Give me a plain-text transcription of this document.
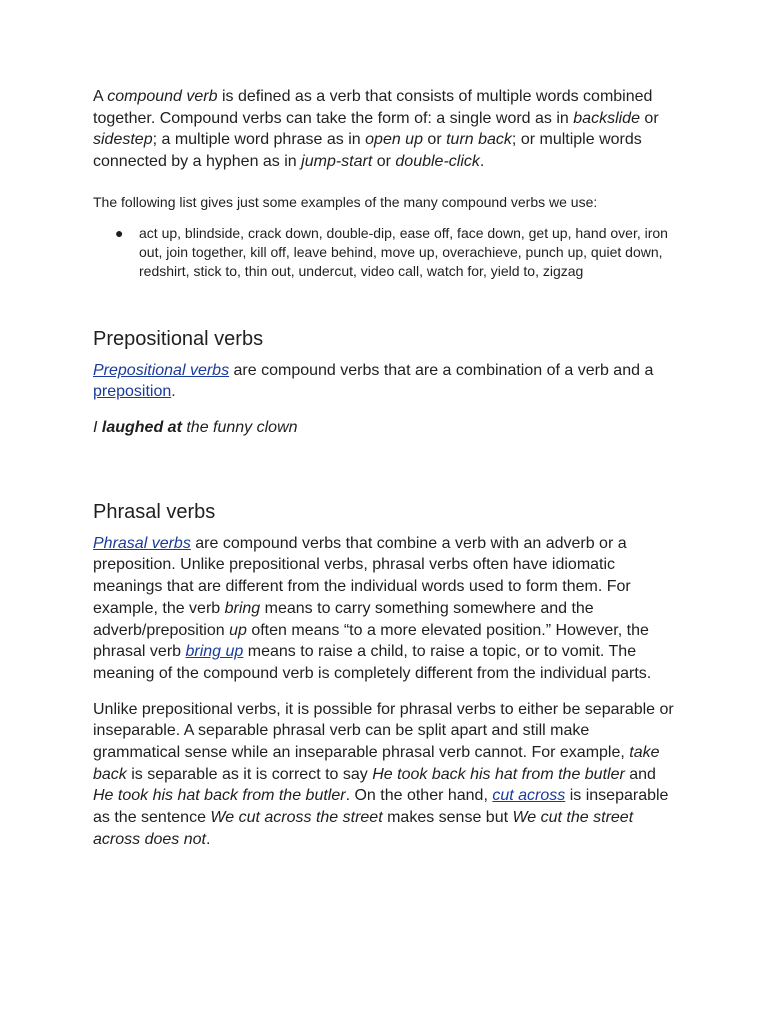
A compound verb is defined as a verb that consists of multiple words combined together. Compound verbs can take the form of: a single word as in backslide or sidestep; a multiple word phrase as in open up or turn back; or multiple words connected by a hyphen as in jump-start or double-click.

The following list gives just some examples of the many compound verbs we use:

● act up, blindside, crack down, double-dip, ease off, face down, get up, hand over, iron out, join together, kill off, leave behind, move up, overachieve, punch up, quiet down, redshirt, stick to, thin out, undercut, video call, watch for, yield to, zigzag
Prepositional verbs

Prepositional verbs are compound verbs that are a combination of a verb and a preposition.

I laughed at the funny clown

Phrasal verbs

Phrasal verbs are compound verbs that combine a verb with an adverb or a preposition. Unlike prepositional verbs, phrasal verbs often have idiomatic meanings that are different from the individual words used to form them. For example, the verb bring means to carry something somewhere and the adverb/preposition up often means “to a more elevated position.” However, the phrasal verb bring up means to raise a child, to raise a topic, or to vomit. The meaning of the compound verb is completely different from the individual parts.

Unlike prepositional verbs, it is possible for phrasal verbs to either be separable or inseparable. A separable phrasal verb can be split apart and still make grammatical sense while an inseparable phrasal verb cannot. For example, take back is separable as it is correct to say He took back his hat from the butler and He took his hat back from the butler. On the other hand, cut across is inseparable as the sentence We cut across the street makes sense but We cut the street across does not.
